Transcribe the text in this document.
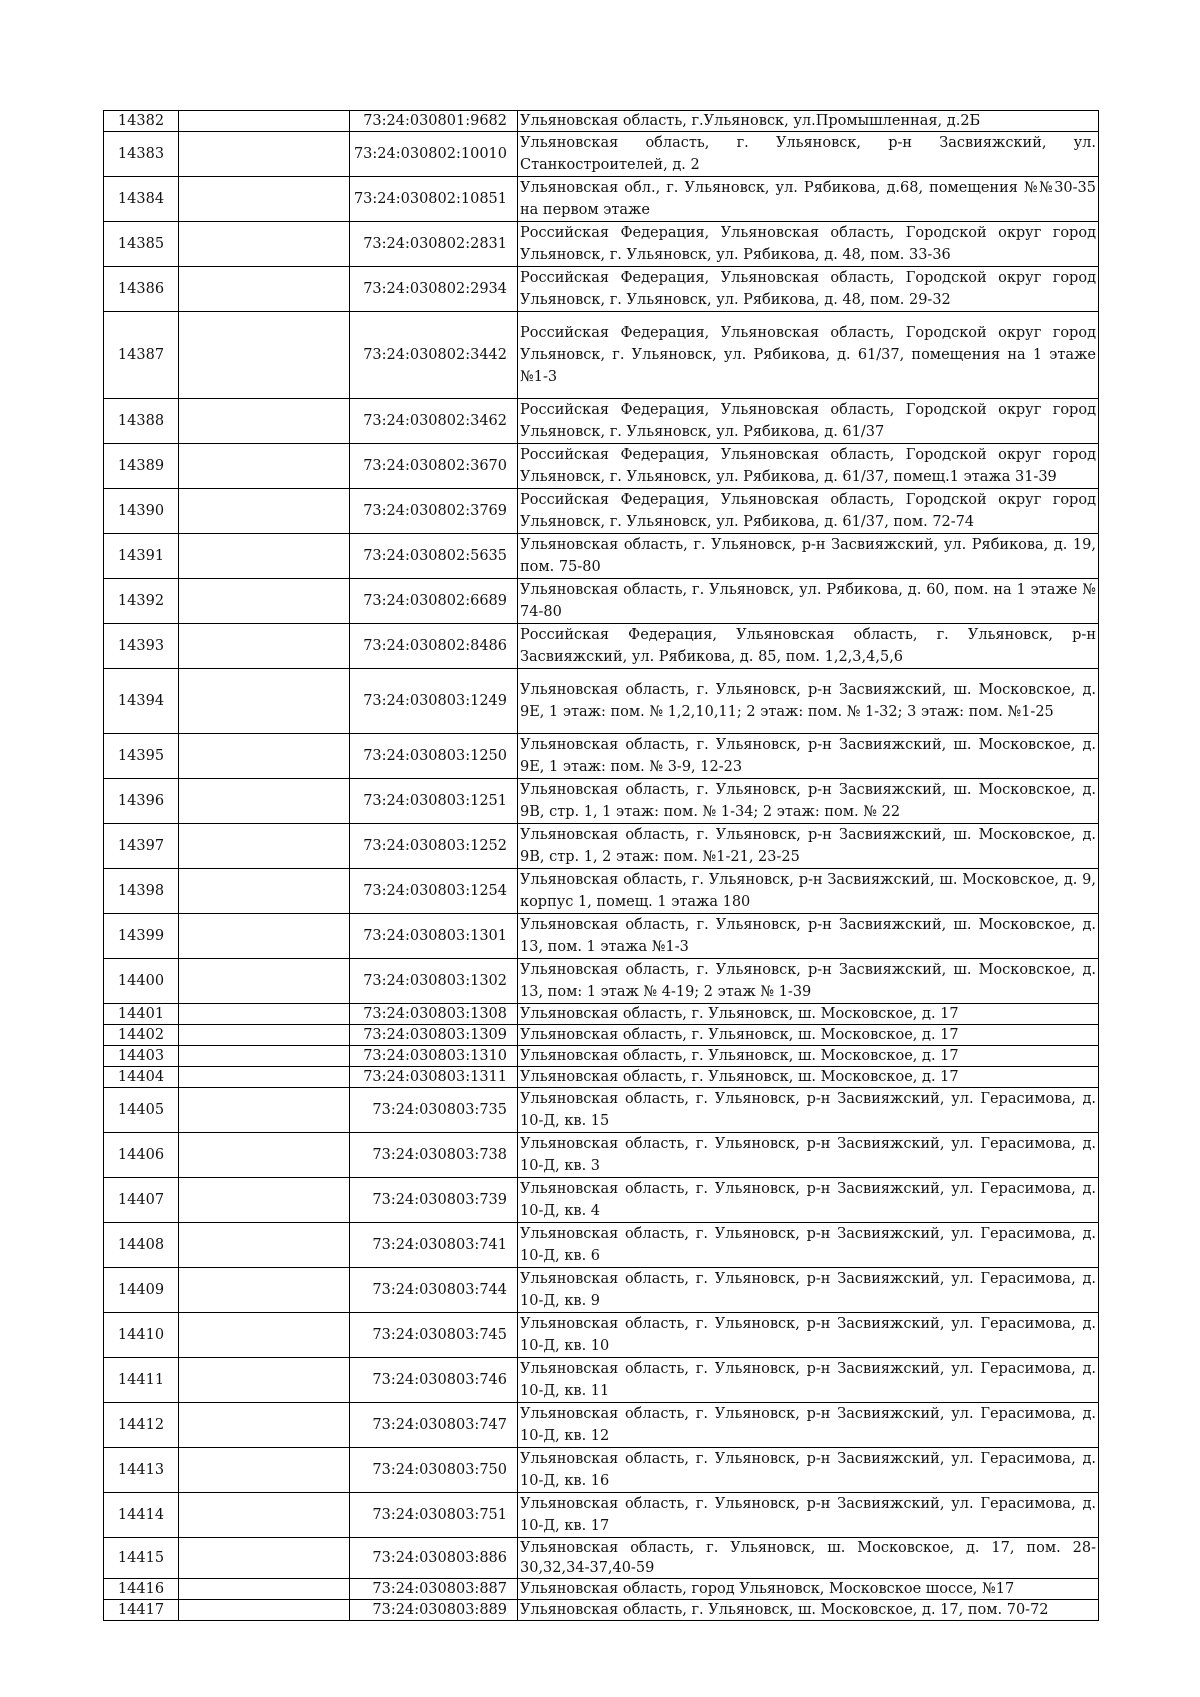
14382		73:24:030801:9682	Ульяновская область, г.Ульяновск, ул.Промышленная, д.2Б
14383		73:24:030802:10010	Ульяновская область, г. Ульяновск, р-н Засвияжский, ул. Станкостроителей, д. 2
14384		73:24:030802:10851	Ульяновская обл., г. Ульяновск, ул. Рябикова, д.68, помещения №№30-35 на первом этаже
14385		73:24:030802:2831	Российская Федерация, Ульяновская область, Городской округ город Ульяновск, г. Ульяновск, ул. Рябикова, д. 48, пом. 33-36
14386		73:24:030802:2934	Российская Федерация, Ульяновская область, Городской округ город Ульяновск, г. Ульяновск, ул. Рябикова, д. 48, пом. 29-32
14387		73:24:030802:3442	Российская Федерация, Ульяновская область, Городской округ город Ульяновск, г. Ульяновск, ул. Рябикова, д. 61/37, помещения на 1 этаже №1-3
14388		73:24:030802:3462	Российская Федерация, Ульяновская область, Городской округ город Ульяновск, г. Ульяновск, ул. Рябикова, д. 61/37
14389		73:24:030802:3670	Российская Федерация, Ульяновская область, Городской округ город Ульяновск, г. Ульяновск, ул. Рябикова, д. 61/37, помещ.1 этажа 31-39
14390		73:24:030802:3769	Российская Федерация, Ульяновская область, Городской округ город Ульяновск, г. Ульяновск, ул. Рябикова, д. 61/37, пом. 72-74
14391		73:24:030802:5635	Ульяновская область, г. Ульяновск, р-н Засвияжский, ул. Рябикова, д. 19, пом. 75-80
14392		73:24:030802:6689	Ульяновская область, г. Ульяновск, ул. Рябикова, д. 60, пом. на 1 этаже № 74-80
14393		73:24:030802:8486	Российская Федерация, Ульяновская область, г. Ульяновск, р-н Засвияжский, ул. Рябикова, д. 85, пом. 1,2,3,4,5,6
14394		73:24:030803:1249	Ульяновская область, г. Ульяновск, р-н Засвияжский, ш. Московское, д. 9Е, 1 этаж: пом. № 1,2,10,11; 2 этаж: пом. № 1-32; 3 этаж: пом. №1-25
14395		73:24:030803:1250	Ульяновская область, г. Ульяновск, р-н Засвияжский, ш. Московское, д. 9Е, 1 этаж: пом. № 3-9, 12-23
14396		73:24:030803:1251	Ульяновская область, г. Ульяновск, р-н Засвияжский, ш. Московское, д. 9В, стр. 1, 1 этаж: пом. № 1-34; 2 этаж: пом. № 22
14397		73:24:030803:1252	Ульяновская область, г. Ульяновск, р-н Засвияжский, ш. Московское, д. 9В, стр. 1, 2 этаж: пом. №1-21, 23-25
14398		73:24:030803:1254	Ульяновская область, г. Ульяновск, р-н Засвияжский, ш. Московское, д. 9, корпус 1, помещ. 1 этажа 180
14399		73:24:030803:1301	Ульяновская область, г. Ульяновск, р-н Засвияжский, ш. Московское, д. 13, пом. 1 этажа №1-3
14400		73:24:030803:1302	Ульяновская область, г. Ульяновск, р-н Засвияжский, ш. Московское, д. 13, пом: 1 этаж № 4-19; 2 этаж № 1-39
14401		73:24:030803:1308	Ульяновская область, г. Ульяновск, ш. Московское, д. 17
14402		73:24:030803:1309	Ульяновская область, г. Ульяновск, ш. Московское, д. 17
14403		73:24:030803:1310	Ульяновская область, г. Ульяновск, ш. Московское, д. 17
14404		73:24:030803:1311	Ульяновская область, г. Ульяновск, ш. Московское, д. 17
14405		73:24:030803:735	Ульяновская область, г. Ульяновск, р-н Засвияжский, ул. Герасимова, д. 10-Д, кв. 15
14406		73:24:030803:738	Ульяновская область, г. Ульяновск, р-н Засвияжский, ул. Герасимова, д. 10-Д, кв. 3
14407		73:24:030803:739	Ульяновская область, г. Ульяновск, р-н Засвияжский, ул. Герасимова, д. 10-Д, кв. 4
14408		73:24:030803:741	Ульяновская область, г. Ульяновск, р-н Засвияжский, ул. Герасимова, д. 10-Д, кв. 6
14409		73:24:030803:744	Ульяновская область, г. Ульяновск, р-н Засвияжский, ул. Герасимова, д. 10-Д, кв. 9
14410		73:24:030803:745	Ульяновская область, г. Ульяновск, р-н Засвияжский, ул. Герасимова, д. 10-Д, кв. 10
14411		73:24:030803:746	Ульяновская область, г. Ульяновск, р-н Засвияжский, ул. Герасимова, д. 10-Д, кв. 11
14412		73:24:030803:747	Ульяновская область, г. Ульяновск, р-н Засвияжский, ул. Герасимова, д. 10-Д, кв. 12
14413		73:24:030803:750	Ульяновская область, г. Ульяновск, р-н Засвияжский, ул. Герасимова, д. 10-Д, кв. 16
14414		73:24:030803:751	Ульяновская область, г. Ульяновск, р-н Засвияжский, ул. Герасимова, д. 10-Д, кв. 17
14415		73:24:030803:886	Ульяновская область, г. Ульяновск, ш. Московское, д. 17, пом. 28-30,32,34-37,40-59
14416		73:24:030803:887	Ульяновская область, город Ульяновск, Московское шоссе, №17
14417		73:24:030803:889	Ульяновская область, г. Ульяновск, ш. Московское, д. 17, пом. 70-72
